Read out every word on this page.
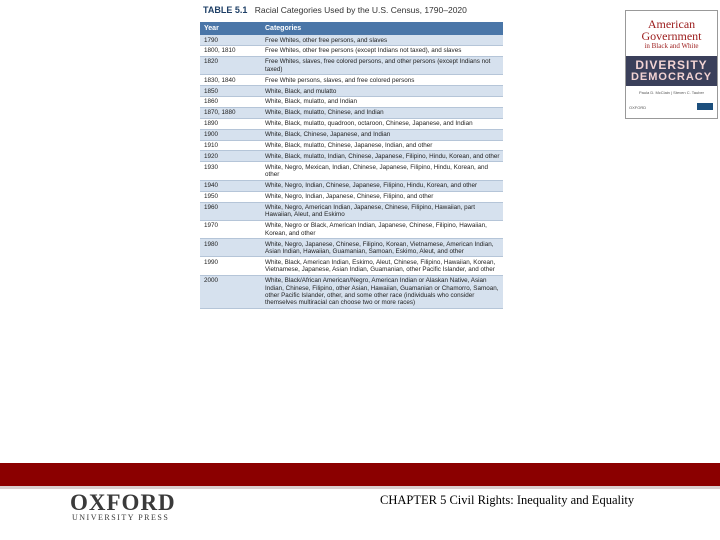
TABLE 5.1 Racial Categories Used by the U.S. Census, 1790–2020
Year	Categories
1790	Free Whites, other free persons, and slaves
1800, 1810	Free Whites, other free persons (except Indians not taxed), and slaves
1820	Free Whites, slaves, free colored persons, and other persons (except Indians not taxed)
1830, 1840	Free White persons, slaves, and free colored persons
1850	White, Black, and mulatto
1860	White, Black, mulatto, and Indian
1870, 1880	White, Black, mulatto, Chinese, and Indian
1890	White, Black, mulatto, quadroon, octaroon, Chinese, Japanese, and Indian
1900	White, Black, Chinese, Japanese, and Indian
1910	White, Black, mulatto, Chinese, Japanese, Indian, and other
1920	White, Black, mulatto, Indian, Chinese, Japanese, Filipino, Hindu, Korean, and other
1930	White, Negro, Mexican, Indian, Chinese, Japanese, Filipino, Hindu, Korean, and other
1940	White, Negro, Indian, Chinese, Japanese, Filipino, Hindu, Korean, and other
1950	White, Negro, Indian, Japanese, Chinese, Filipino, and other
1960	White, Negro, American Indian, Japanese, Chinese, Filipino, Hawaiian, part Hawaiian, Aleut, and Eskimo
1970	White, Negro or Black, American Indian, Japanese, Chinese, Filipino, Hawaiian, Korean, and other
1980	White, Negro, Japanese, Chinese, Filipino, Korean, Vietnamese, American Indian, Asian Indian, Hawaiian, Guamanian, Samoan, Eskimo, Aleut, and other
1990	White, Black, American Indian, Eskimo, Aleut, Chinese, Filipino, Hawaiian, Korean, Vietnamese, Japanese, Asian Indian, Guamanian, other Pacific Islander, and other
2000	White, Black/African American/Negro, American Indian or Alaskan Native, Asian Indian, Chinese, Filipino, other Asian, Hawaiian, Guamanian or Chamorro, Samoan, other Pacific Islander, other, and some other race (individuals who consider themselves multiracial can choose two or more races)
American
Government
in Black and White
DIVERSITY
DEMOCRACY
Paula D. McClain | Steven C. Tauber
OXFORD
OXFORD
UNIVERSITY PRESS
CHAPTER 5 Civil Rights: Inequality and Equality
